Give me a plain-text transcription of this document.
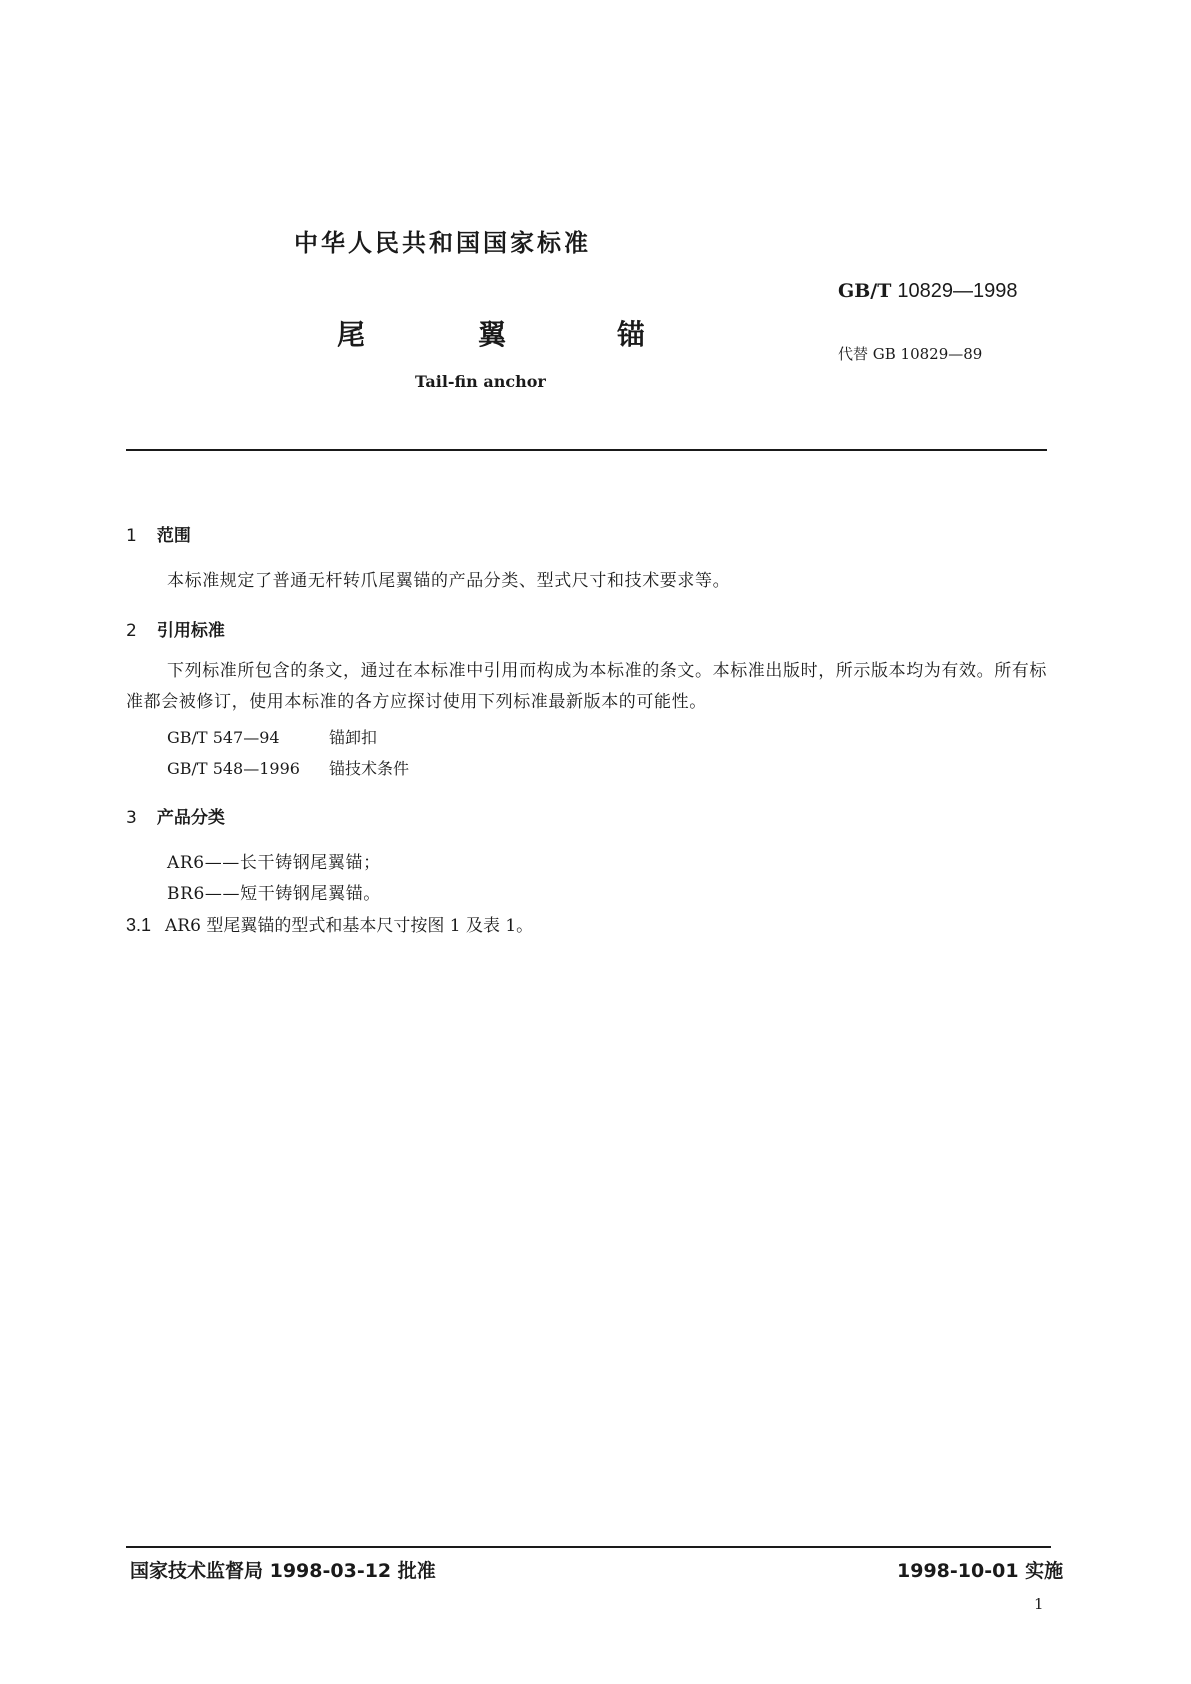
中华人民共和国国家标准
GB/T 10829—1998
尾	翼	锚
代替 GB 10829—89
Tail-fin anchor
1 范围
本标准规定了普通无杆转爪尾翼锚的产品分类、型式尺寸和技术要求等。
2 引用标准
下列标准所包含的条文，通过在本标准中引用而构成为本标准的条文。本标准出版时，所示版本均为有效。所有标准都会被修订，使用本标准的各方应探讨使用下列标准最新版本的可能性。
GB/T 547—94	锚卸扣
GB/T 548—1996 锚技术条件
3 产品分类
AR6——长干铸钢尾翼锚；
BR6——短干铸钢尾翼锚。
3.1 AR6 型尾翼锚的型式和基本尺寸按图 1 及表 1。
国家技术监督局 1998-03-12 批准	1998-10-01 实施
1
